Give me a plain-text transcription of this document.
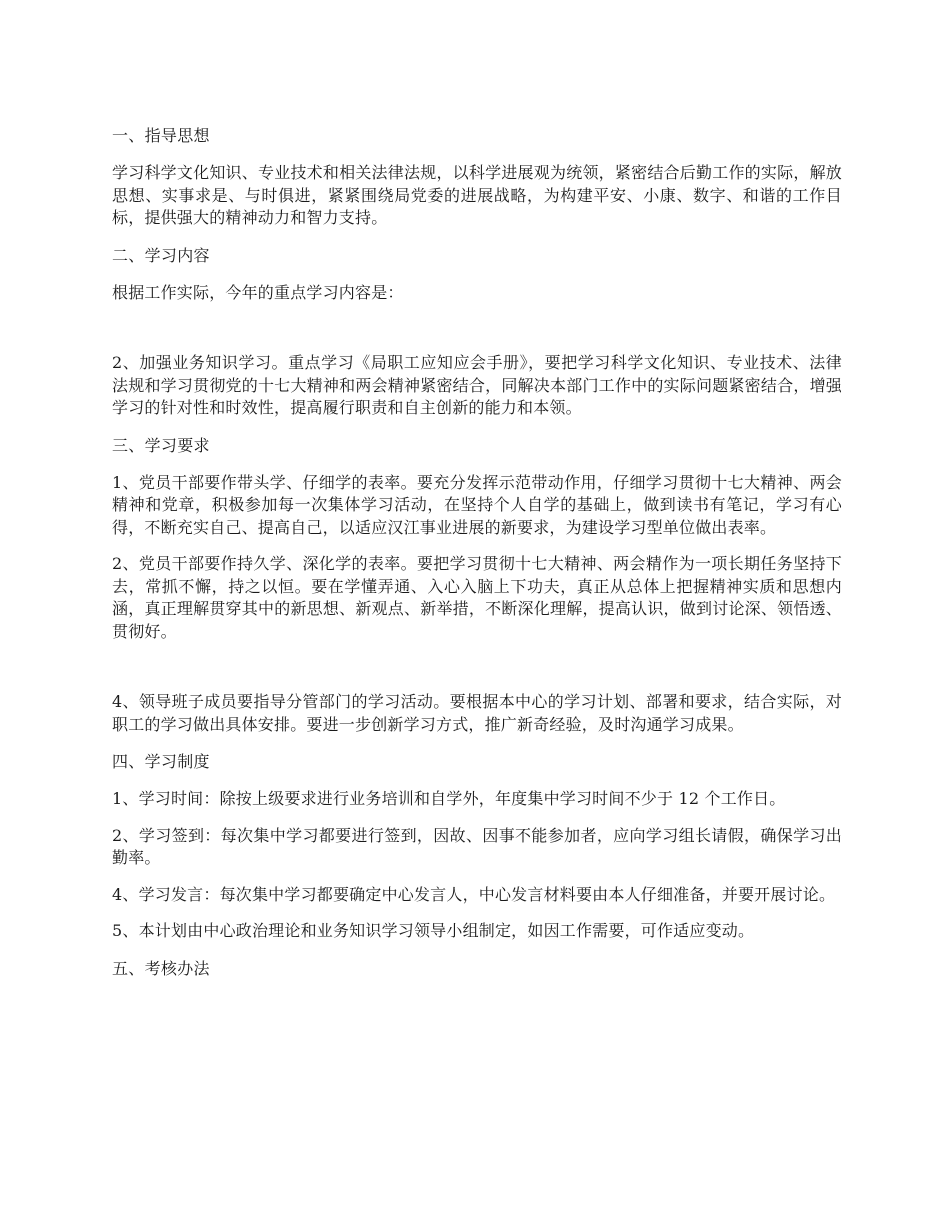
一、指导思想
学习科学文化知识、专业技术和相关法律法规，以科学进展观为统领，紧密结合后勤工作的实际，解放思想、实事求是、与时俱进，紧紧围绕局党委的进展战略，为构建平安、小康、数字、和谐的工作目标，提供强大的精神动力和智力支持。
二、学习内容
根据工作实际，今年的重点学习内容是：
2、加强业务知识学习。重点学习《局职工应知应会手册》，要把学习科学文化知识、专业技术、法律法规和学习贯彻党的十七大精神和两会精神紧密结合，同解决本部门工作中的实际问题紧密结合，增强学习的针对性和时效性，提高履行职责和自主创新的能力和本领。
三、学习要求
1、党员干部要作带头学、仔细学的表率。要充分发挥示范带动作用，仔细学习贯彻十七大精神、两会精神和党章，积极参加每一次集体学习活动，在坚持个人自学的基础上，做到读书有笔记，学习有心得，不断充实自己、提高自己，以适应汉江事业进展的新要求，为建设学习型单位做出表率。
2、党员干部要作持久学、深化学的表率。要把学习贯彻十七大精神、两会精作为一项长期任务坚持下去，常抓不懈，持之以恒。要在学懂弄通、入心入脑上下功夫，真正从总体上把握精神实质和思想内涵，真正理解贯穿其中的新思想、新观点、新举措，不断深化理解，提高认识，做到讨论深、领悟透、贯彻好。
4、领导班子成员要指导分管部门的学习活动。要根据本中心的学习计划、部署和要求，结合实际，对职工的学习做出具体安排。要进一步创新学习方式，推广新奇经验，及时沟通学习成果。
四、学习制度
1、学习时间：除按上级要求进行业务培训和自学外，年度集中学习时间不少于 12 个工作日。
2、学习签到：每次集中学习都要进行签到，因故、因事不能参加者，应向学习组长请假，确保学习出勤率。
4、学习发言：每次集中学习都要确定中心发言人，中心发言材料要由本人仔细准备，并要开展讨论。
5、本计划由中心政治理论和业务知识学习领导小组制定，如因工作需要，可作适应变动。
五、考核办法
